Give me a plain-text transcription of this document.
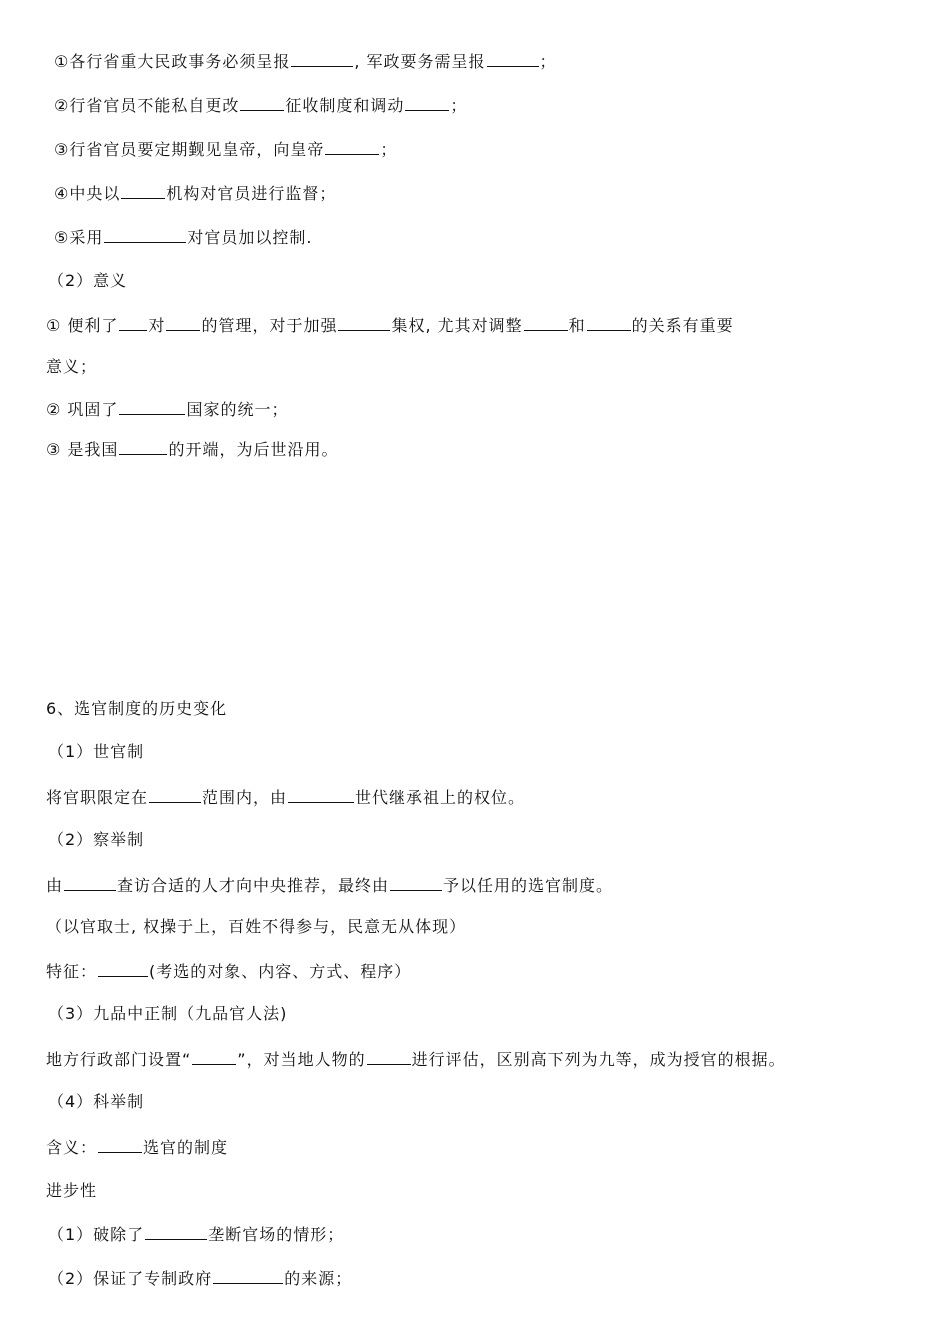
①各行省重大民政事务必须呈报	, 军政要务需呈报	；
②行省官员不能私自更改	征收制度和调动	；
③行省官员要定期觐见皇帝，向皇帝	；
④中央以	机构对官员进行监督；
⑤采用	对官员加以控制.
（2）意义
① 便利了 对 的管理，对于加强	集权, 尤其对调整	和	的关系有重要
意义；
② 巩固了	国家的统一；
③ 是我国	的开端，为后世沿用。
6、选官制度的历史变化
（1）世官制
将官职限定在	范围内，由	世代继承祖上的权位。
（2）察举制
由	查访合适的人才向中央推荐，最终由	予以任用的选官制度。
（以官取士, 权操于上，百姓不得参与，民意无从体现）
特征：	(考选的对象、内容、方式、程序）
（3）九品中正制（九品官人法)
地方行政部门设置“	”，对当地人物的	进行评估，区别高下列为九等，成为授官的根据。
（4）科举制
含义：	选官的制度
进步性
（1）破除了	垄断官场的情形；
（2）保证了专制政府	的来源；
